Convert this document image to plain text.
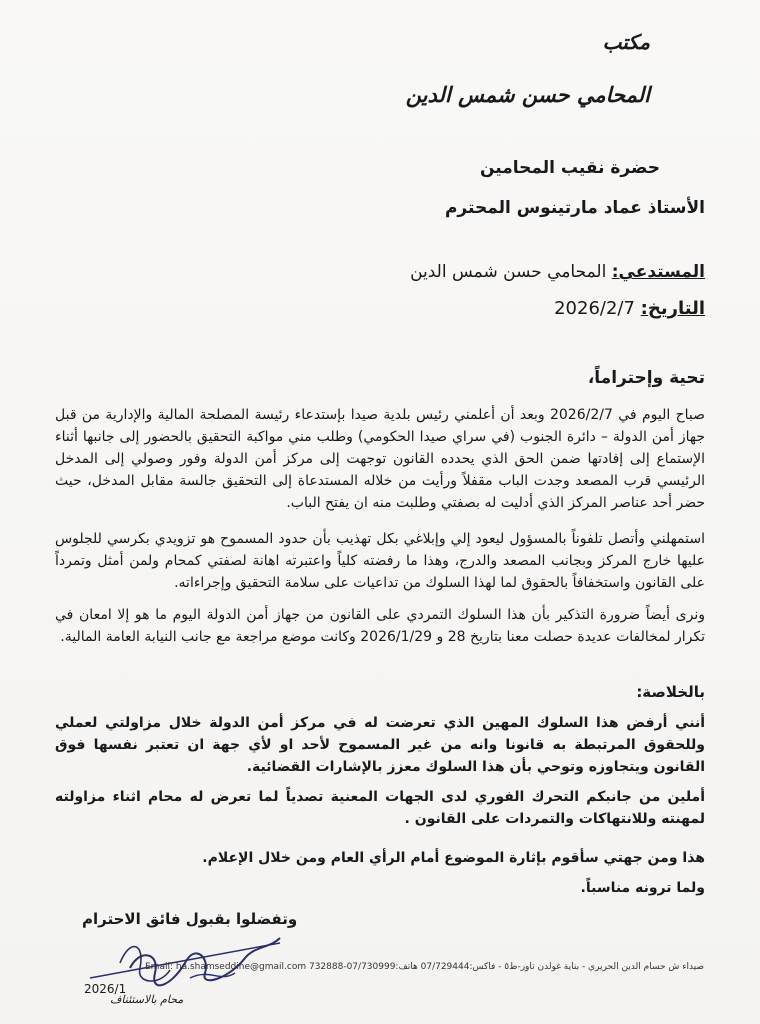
مكتب
المحامي حسن شمس الدين
حضرة نقيب المحامين
الأستاذ عماد مارتينوس المحترم
المستدعي: المحامي حسن شمس الدين
التاريخ: 2026/2/7
تحية وإحتراماً،
صباح اليوم في 2026/2/7 وبعد أن أعلمني رئيس بلدية صيدا بإستدعاء رئيسة المصلحة المالية والإدارية من قبل جهاز أمن الدولة – دائرة الجنوب (في سراي صيدا الحكومي) وطلب مني مواكبة التحقيق بالحضور إلى جانبها أثناء الإستماع إلى إفادتها ضمن الحق الذي يحدده القانون توجهت إلى مركز أمن الدولة وفور وصولي إلى المدخل الرئيسي قرب المصعد وجدت الباب مقفلاً ورأيت من خلاله المستدعاة إلى التحقيق جالسة مقابل المدخل، حيث حضر أحد عناصر المركز الذي أدليت له بصفتي وطلبت منه ان يفتح الباب.
استمهلني وأتصل تلفوناً بالمسؤول ليعود إلي وإبلاغي بكل تهذيب بأن حدود المسموح هو تزويدي بكرسي للجلوس عليها خارج المركز وبجانب المصعد والدرج، وهذا ما رفضته كلياً واعتبرته اهانة لصفتي كمحام ولمن أمثل وتمرداً على القانون واستخفافاً بالحقوق لما لهذا السلوك من تداعيات على سلامة التحقيق وإجراءاته.
ونرى أيضاً ضرورة التذكير بأن هذا السلوك التمردي على القانون من جهاز أمن الدولة اليوم ما هو إلا امعان في تكرار لمخالفات عديدة حصلت معنا بتاريخ 28 و 2026/1/29 وكانت موضع مراجعة مع جانب النيابة العامة المالية.
بالخلاصة:
أنني أرفض هذا السلوك المهين الذي تعرضت له في مركز أمن الدولة خلال مزاولتي لعملي وللحقوق المرتبطة به قانونا وانه من غير المسموح لأحد او لأي جهة ان تعتبر نفسها فوق القانون ويتجاوزه وتوحي بأن هذا السلوك معزز بالإشارات القضائية.
أملين من جانبكم التحرك الفوري لدى الجهات المعنية تصدياً لما تعرض له محام اثناء مزاولته لمهنته وللانتهاكات والتمردات على القانون .
هذا ومن جهتي سأقوم بإثارة الموضوع أمام الرأي العام ومن خلال الإعلام.
ولما ترونه مناسباً.
وتفضلوا بقبول فائق الاحترام
صيداء ش حسام الدين الحريري - بناية غولدن تاور-ط٥ - فاكس:07/729444 هاتف:07/730999-732888 Email: ha.shamseddine@gmail.com
2026/1
محام بالاستئناف
